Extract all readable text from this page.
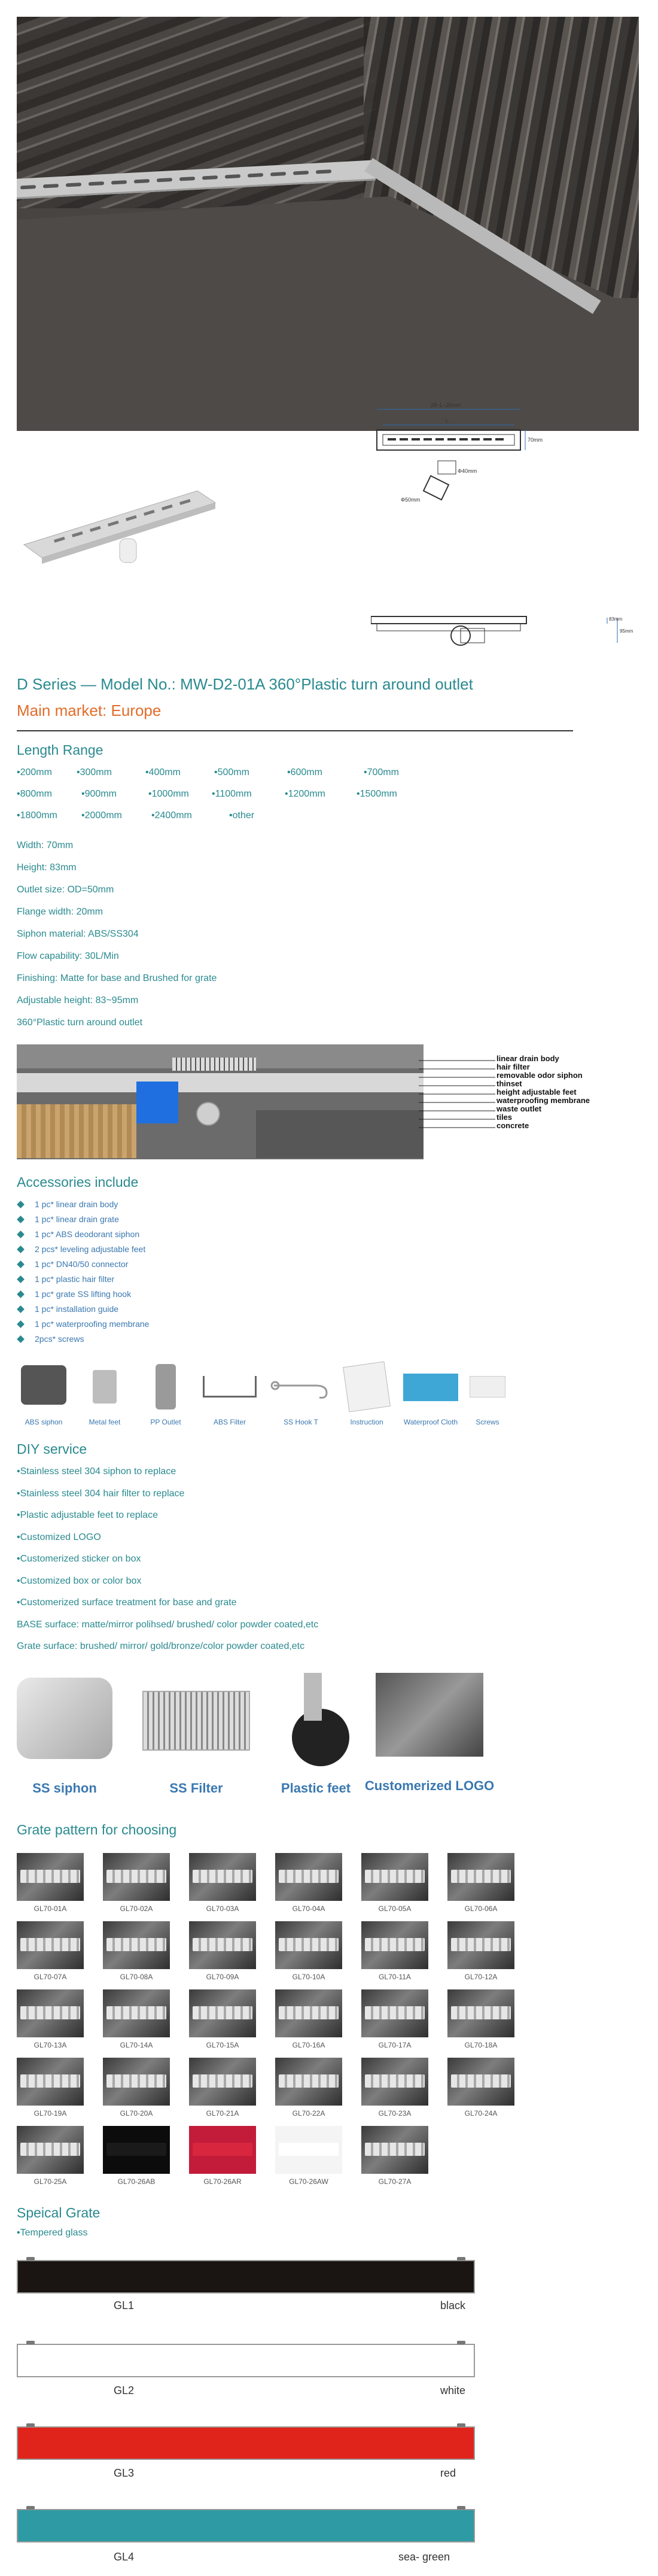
28~L~20mm
L
70mm
Φ40mm
Φ50mm
83mm
95mm
D Series — Model No.: MW-D2-01A 360°Plastic turn around outlet
Main market: Europe
Length Range
•200mm	•300mm	•400mm	•500mm	•600mm	•700mm
•800mm	•900mm	•1000mm •1100mm	•1200mm	•1500mm
•1800mm	•2000mm	•2400mm	•other
Width: 70mm
Height: 83mm
Outlet size: OD=50mm
Flange width: 20mm
Siphon material: ABS/SS304
Flow capability: 30L/Min
Finishing: Matte for base and Brushed for grate
Adjustable height: 83~95mm
360°Plastic turn around outlet
linear drain body
hair filter
removable odor siphon
thinset
height adjustable feet
waterproofing membrane
waste outlet
tiles
concrete
Accessories include
1 pc* linear drain body
1 pc* linear drain grate
1 pc* ABS deodorant siphon
2 pcs* leveling adjustable feet
1 pc* DN40/50 connector
1 pc* plastic hair filter
1 pc* grate SS lifting hook
1 pc* installation guide
1 pc* waterproofing membrane
2pcs* screws
ABS siphon	Metal feet	PP Outlet	ABS Filter	SS Hook T	Instruction	Waterproof Cloth	Screws
DIY service
•Stainless steel 304 siphon to replace
•Stainless steel 304 hair filter to replace
•Plastic adjustable feet to replace
•Customized LOGO
•Customerized sticker on box
•Customized box or color box
•Customerized surface treatment for base and grate
BASE surface: matte/mirror polihsed/ brushed/ color powder coated,etc
Grate surface: brushed/ mirror/ gold/bronze/color powder coated,etc
SS siphon	SS Filter	Plastic feet	Customerized LOGO
Grate pattern for choosing
GL70-01A	GL70-02A	GL70-03A	GL70-04A	GL70-05A	GL70-06A
GL70-07A	GL70-08A	GL70-09A	GL70-10A	GL70-11A	GL70-12A
GL70-13A	GL70-14A	GL70-15A	GL70-16A	GL70-17A	GL70-18A
GL70-19A	GL70-20A	GL70-21A	GL70-22A	GL70-23A	GL70-24A
GL70-25A	GL70-26AB	GL70-26AR	GL70-26AW	GL70-27A
Speical Grate
•Tempered glass
GL1	black
GL2	white
GL3	red
GL4	sea- green
